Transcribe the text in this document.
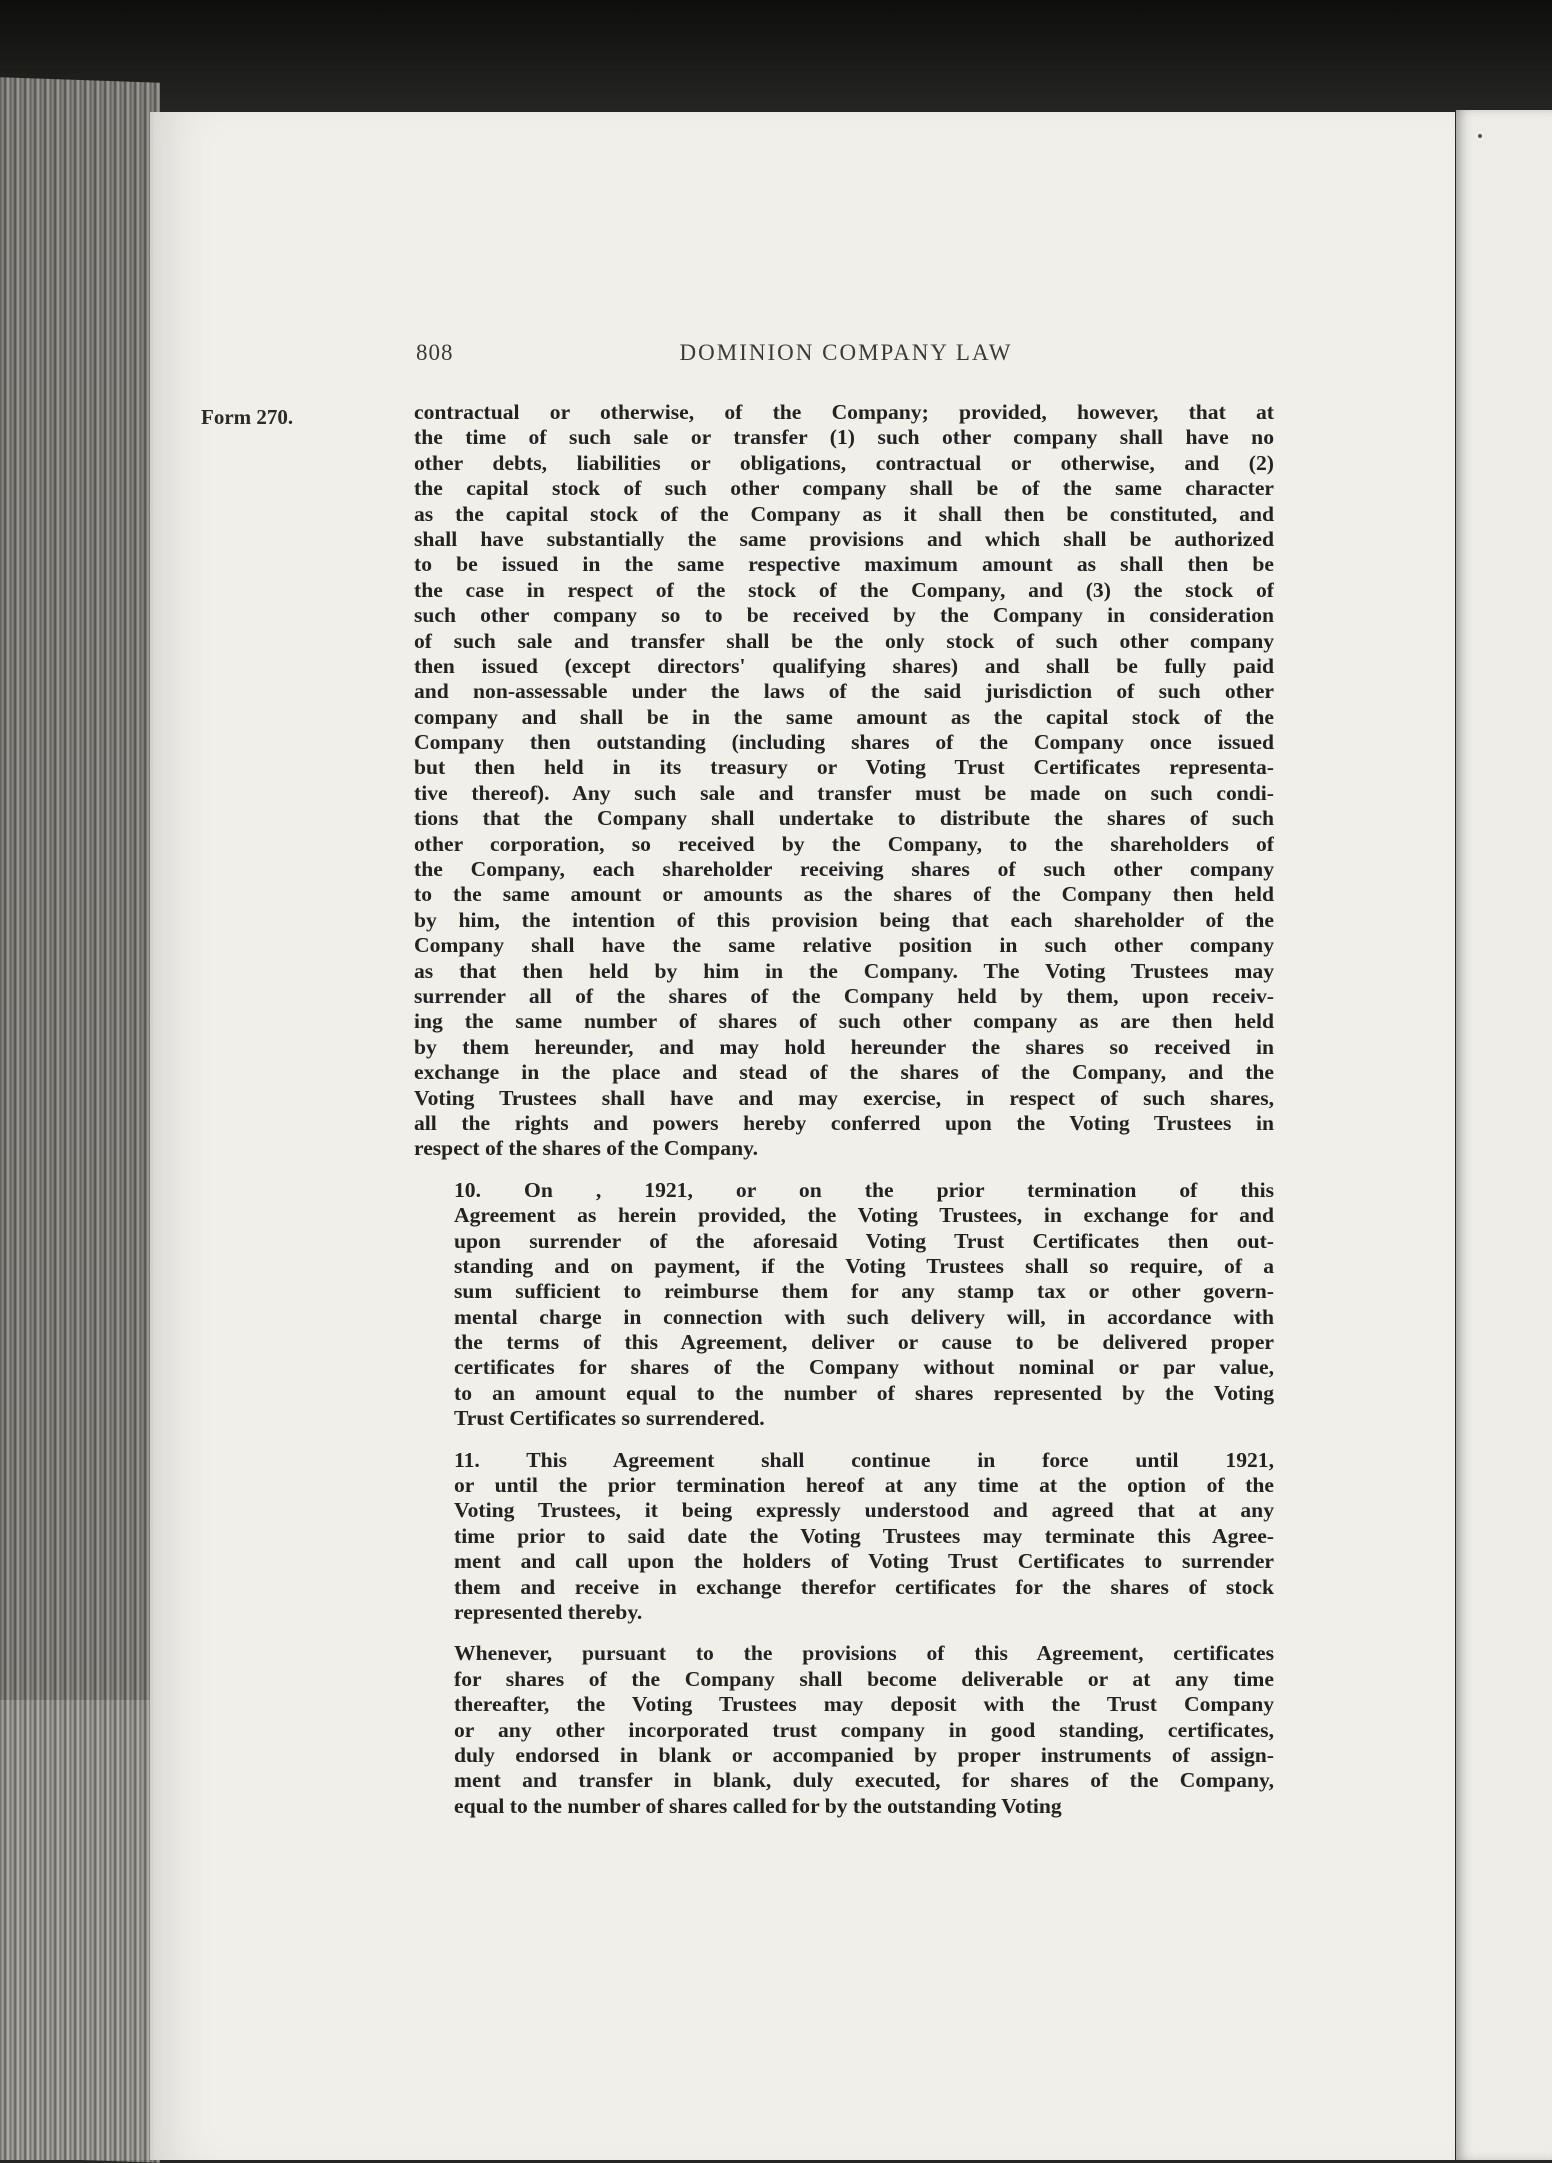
808	DOMINION COMPANY LAW
Form 270.	contractual or otherwise, of the Company; provided, however, that at
the time of such sale or transfer (1) such other company shall have no
other debts, liabilities or obligations, contractual or otherwise, and (2)
the capital stock of such other company shall be of the same character
as the capital stock of the Company as it shall then be constituted, and
shall have substantially the same provisions and which shall be authorized
to be issued in the same respective maximum amount as shall then be
the case in respect of the stock of the Company, and (3) the stock of
such other company so to be received by the Company in consideration
of such sale and transfer shall be the only stock of such other company
then issued (except directors' qualifying shares) and shall be fully paid
and non-assessable under the laws of the said jurisdiction of such other
company and shall be in the same amount as the capital stock of the
Company then outstanding (including shares of the Company once issued
but then held in its treasury or Voting Trust Certificates representa-
tive thereof). Any such sale and transfer must be made on such condi-
tions that the Company shall undertake to distribute the shares of such
other corporation, so received by the Company, to the shareholders of
the Company, each shareholder receiving shares of such other company
to the same amount or amounts as the shares of the Company then held
by him, the intention of this provision being that each shareholder of the
Company shall have the same relative position in such other company
as that then held by him in the Company. The Voting Trustees may
surrender all of the shares of the Company held by them, upon receiv-
ing the same number of shares of such other company as are then held
by them hereunder, and may hold hereunder the shares so received in
exchange in the place and stead of the shares of the Company, and the
Voting Trustees shall have and may exercise, in respect of such shares,
all the rights and powers hereby conferred upon the Voting Trustees in
respect of the shares of the Company.
10. On , 1921, or on the prior termination of this
Agreement as herein provided, the Voting Trustees, in exchange for and
upon surrender of the aforesaid Voting Trust Certificates then out-
standing and on payment, if the Voting Trustees shall so require, of a
sum sufficient to reimburse them for any stamp tax or other govern-
mental charge in connection with such delivery will, in accordance with
the terms of this Agreement, deliver or cause to be delivered proper
certificates for shares of the Company without nominal or par value,
to an amount equal to the number of shares represented by the Voting
Trust Certificates so surrendered.
11. This Agreement shall continue in force until 1921,
or until the prior termination hereof at any time at the option of the
Voting Trustees, it being expressly understood and agreed that at any
time prior to said date the Voting Trustees may terminate this Agree-
ment and call upon the holders of Voting Trust Certificates to surrender
them and receive in exchange therefor certificates for the shares of stock
represented thereby.
Whenever, pursuant to the provisions of this Agreement, certificates
for shares of the Company shall become deliverable or at any time
thereafter, the Voting Trustees may deposit with the Trust Company
or any other incorporated trust company in good standing, certificates,
duly endorsed in blank or accompanied by proper instruments of assign-
ment and transfer in blank, duly executed, for shares of the Company,
equal to the number of shares called for by the outstanding Voting
